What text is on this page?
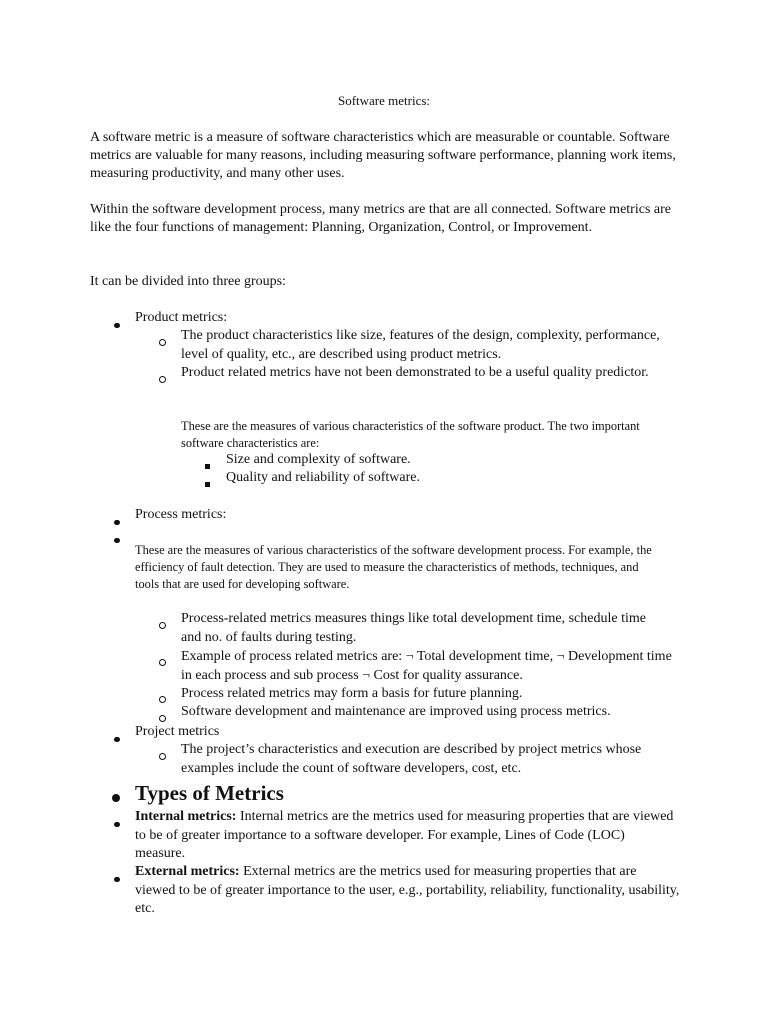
Software metrics:
A software metric is a measure of software characteristics which are measurable or countable. Software metrics are valuable for many reasons, including measuring software performance, planning work items, measuring productivity, and many other uses.
Within the software development process, many metrics are that are all connected. Software metrics are like the four functions of management: Planning, Organization, Control, or Improvement.
It can be divided into three groups:
Product metrics:
The product characteristics like size, features of the design, complexity, performance, level of quality, etc., are described using product metrics.
Product related metrics have not been demonstrated to be a useful quality predictor.
These are the measures of various characteristics of the software product. The two important software characteristics are:
Size and complexity of software.
Quality and reliability of software.
Process metrics:
These are the measures of various characteristics of the software development process. For example, the efficiency of fault detection. They are used to measure the characteristics of methods, techniques, and tools that are used for developing software.
Process-related metrics measures things like total development time, schedule time and no. of faults during testing.
Example of process related metrics are: ¬ Total development time, ¬ Development time in each process and sub process ¬ Cost for quality assurance.
Process related metrics may form a basis for future planning.
Software development and maintenance are improved using process metrics.
Project metrics
The project’s characteristics and execution are described by project metrics whose examples include the count of software developers, cost, etc.
Types of Metrics
Internal metrics: Internal metrics are the metrics used for measuring properties that are viewed to be of greater importance to a software developer. For example, Lines of Code (LOC) measure.
External metrics: External metrics are the metrics used for measuring properties that are viewed to be of greater importance to the user, e.g., portability, reliability, functionality, usability, etc.
